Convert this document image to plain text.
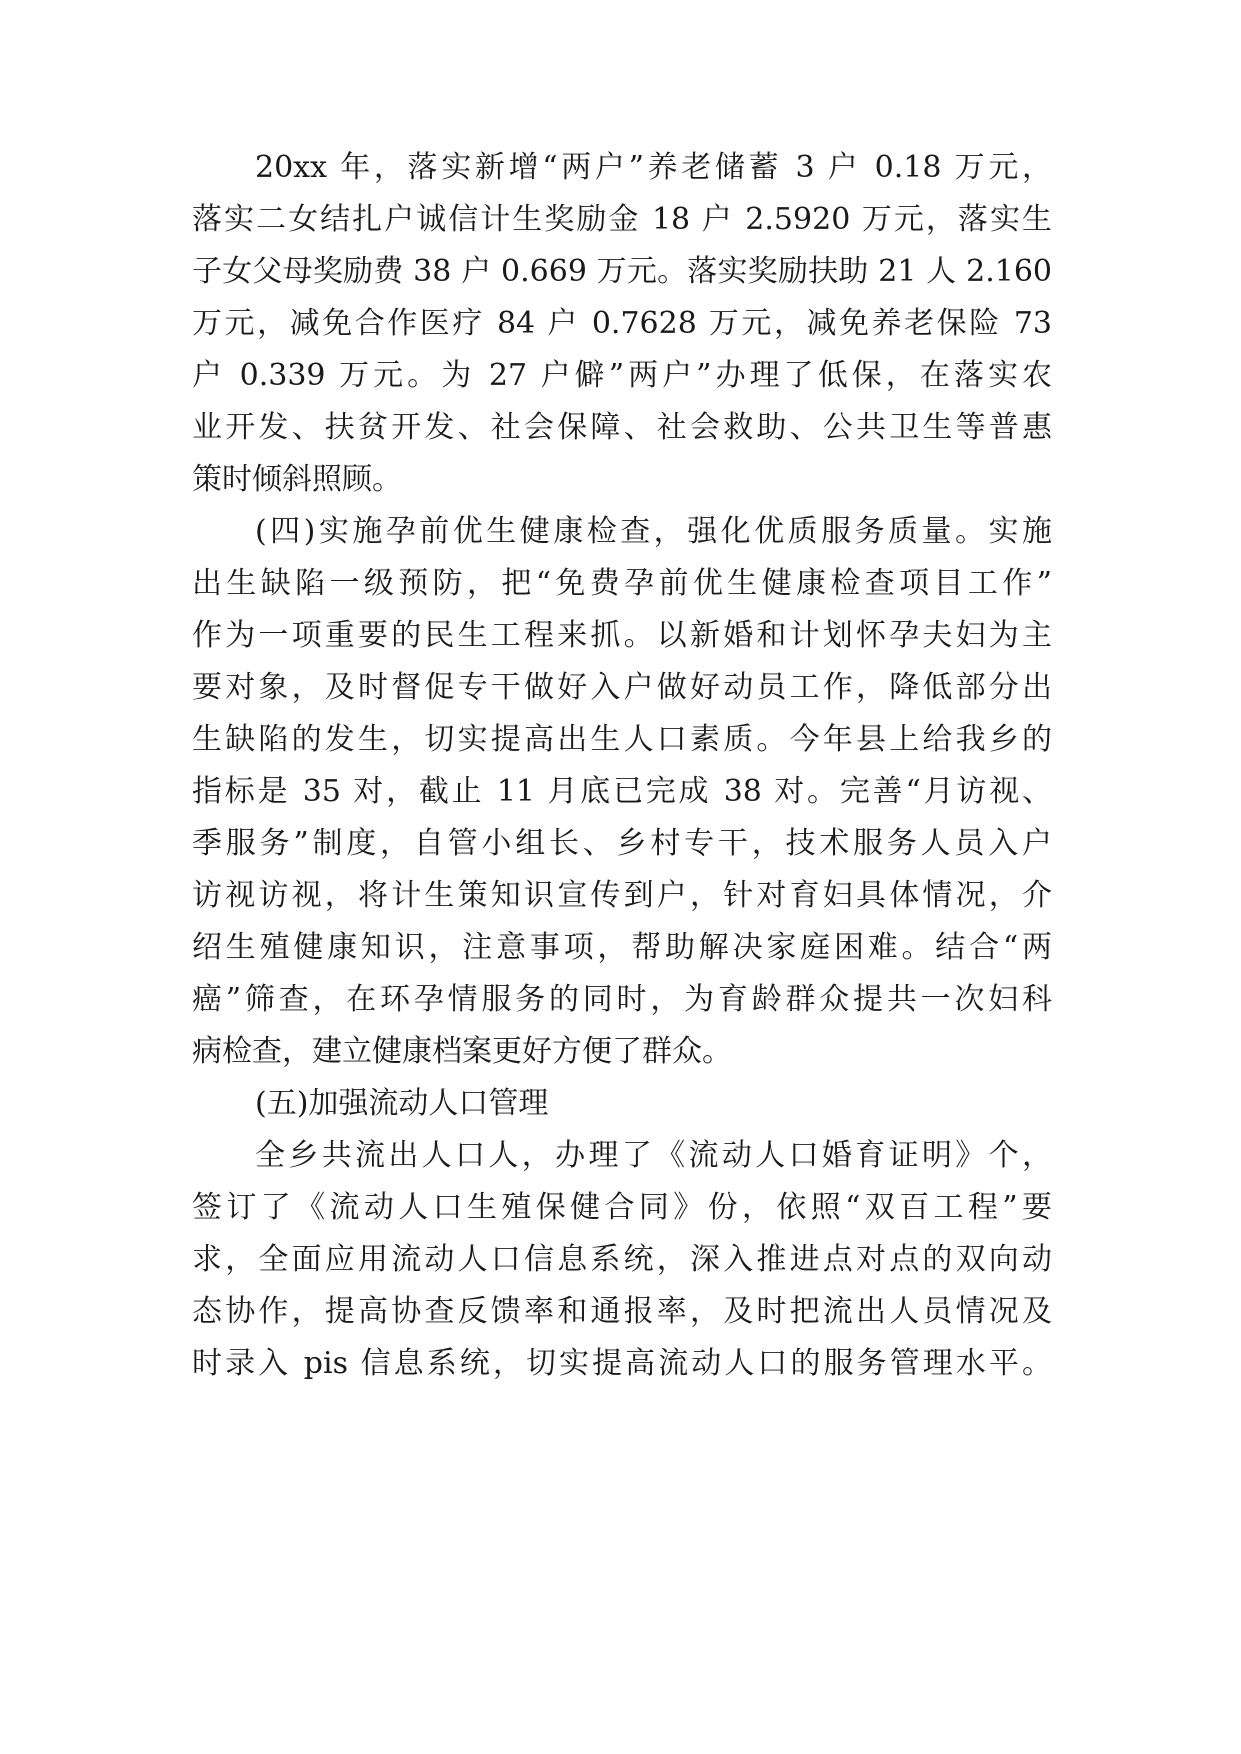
20xx 年，落实新增“两户”养老储蓄 3 户 0.18 万元，
落实二女结扎户诚信计生奖励金 18 户 2.5920 万元，落实生
子女父母奖励费 38 户 0.669 万元。落实奖励扶助 21 人 2.160
万元，减免合作医疗 84 户 0.7628 万元，减免养老保险 73
户 0.339 万元。为 27 户僻”两户”办理了低保，在落实农
业开发、扶贫开发、社会保障、社会救助、公共卫生等普惠
策时倾斜照顾。
(四)实施孕前优生健康检查，强化优质服务质量。实施
出生缺陷一级预防，把“免费孕前优生健康检查项目工作”
作为一项重要的民生工程来抓。以新婚和计划怀孕夫妇为主
要对象，及时督促专干做好入户做好动员工作，降低部分出
生缺陷的发生，切实提高出生人口素质。今年县上给我乡的
指标是 35 对，截止 11 月底已完成 38 对。完善“月访视、
季服务”制度，自管小组长、乡村专干，技术服务人员入户
访视访视，将计生策知识宣传到户，针对育妇具体情况，介
绍生殖健康知识，注意事项，帮助解决家庭困难。结合“两
癌”筛查，在环孕情服务的同时，为育龄群众提共一次妇科
病检查，建立健康档案更好方便了群众。
(五)加强流动人口管理
全乡共流出人口人，办理了《流动人口婚育证明》个，
签订了《流动人口生殖保健合同》份，依照“双百工程”要
求，全面应用流动人口信息系统，深入推进点对点的双向动
态协作，提高协查反馈率和通报率，及时把流出人员情况及
时录入 pis 信息系统，切实提高流动人口的服务管理水平。
